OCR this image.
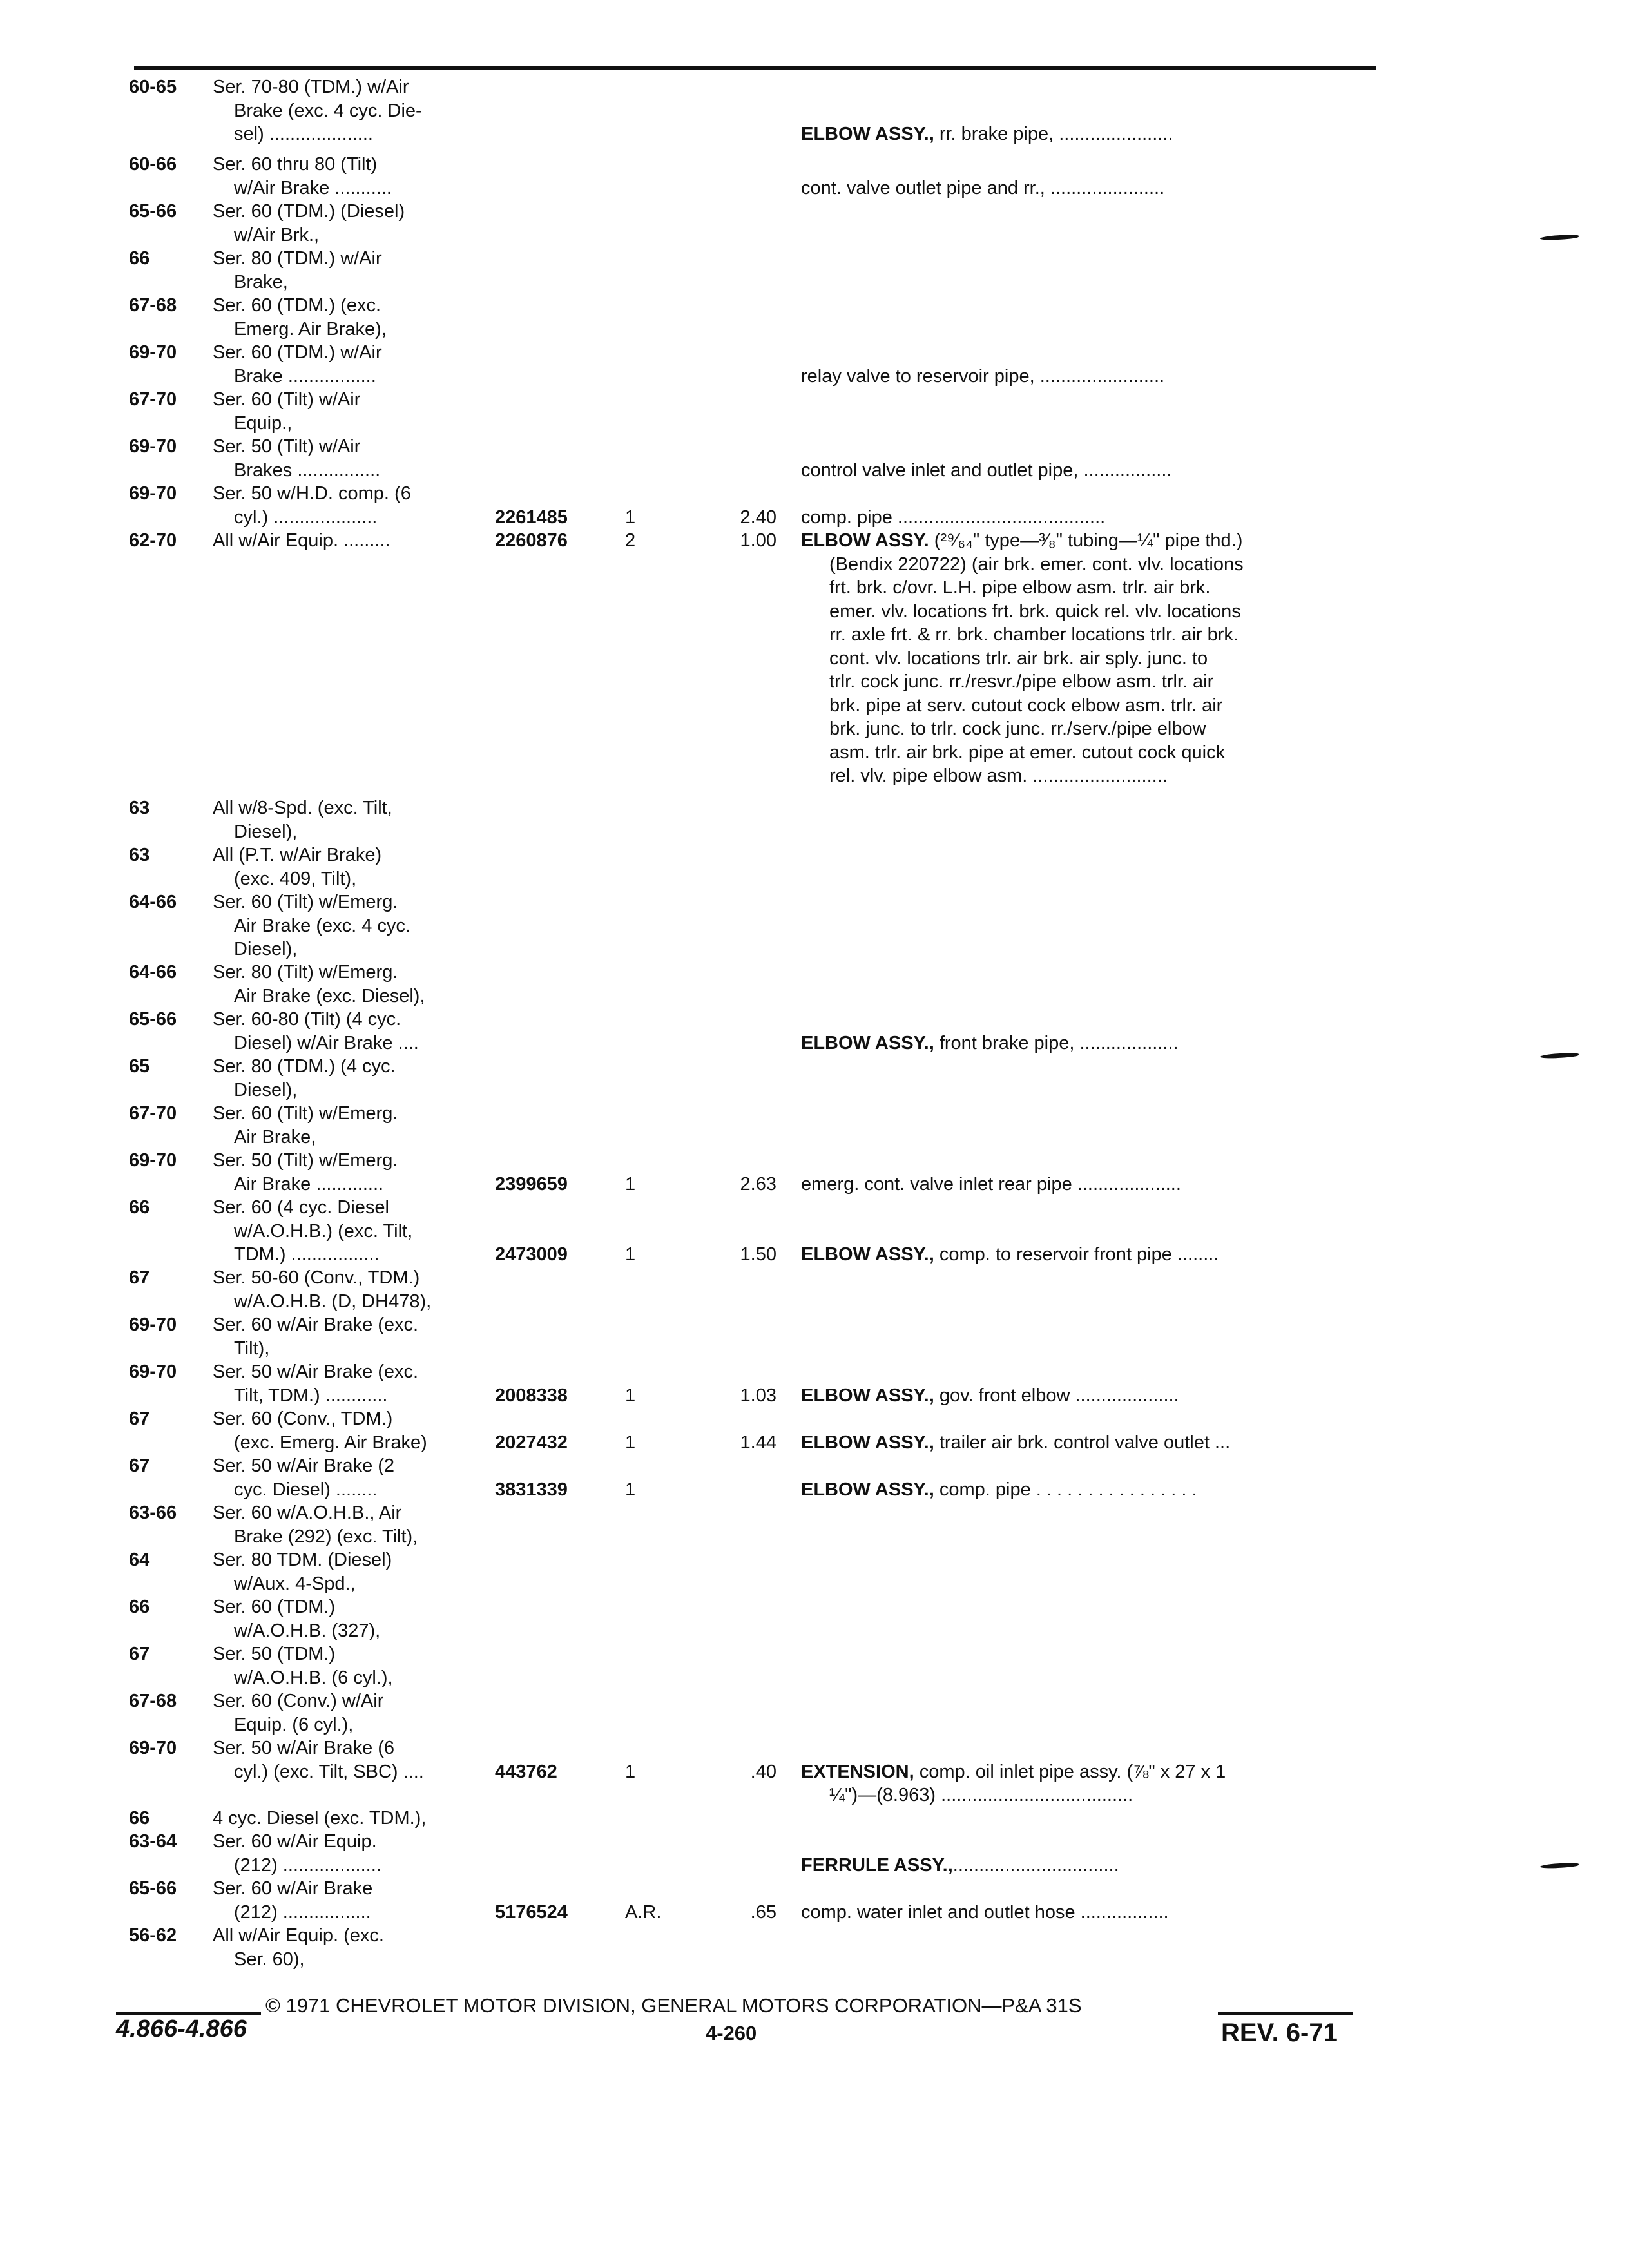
60-65	Ser. 70-80 (TDM.) w/Air
Brake (exc. 4 cyc. Die-
sel) ....................	ELBOW ASSY., rr. brake pipe, ......................
60-66	Ser. 60 thru 80 (Tilt)
w/Air Brake ...........	cont. valve outlet pipe and rr., ......................
65-66	Ser. 60 (TDM.) (Diesel)
w/Air Brk.,
66	Ser. 80 (TDM.) w/Air
Brake,
67-68	Ser. 60 (TDM.) (exc.
Emerg. Air Brake),
69-70	Ser. 60 (TDM.) w/Air
Brake .................	relay valve to reservoir pipe, ........................
67-70	Ser. 60 (Tilt) w/Air
Equip.,
69-70	Ser. 50 (Tilt) w/Air
Brakes ................	control valve inlet and outlet pipe, .................
69-70	Ser. 50 w/H.D. comp. (6
cyl.) ....................	2261485	1	2.40 comp. pipe ........................................
62-70	All w/Air Equip. .........	2260876	2	1.00 ELBOW ASSY. (²⁹⁄₆₄" type—³⁄₈" tubing—¼" pipe thd.)
(Bendix 220722) (air brk. emer. cont. vlv. locations
frt. brk. c/ovr. L.H. pipe elbow asm. trlr. air brk.
emer. vlv. locations frt. brk. quick rel. vlv. locations
rr. axle frt. & rr. brk. chamber locations trlr. air brk.
cont. vlv. locations trlr. air brk. air sply. junc. to
trlr. cock junc. rr./resvr./pipe elbow asm. trlr. air
brk. pipe at serv. cutout cock elbow asm. trlr. air
brk. junc. to trlr. cock junc. rr./serv./pipe elbow
asm. trlr. air brk. pipe at emer. cutout cock quick
rel. vlv. pipe elbow asm. ..........................
63	All w/8-Spd. (exc. Tilt,
Diesel),
63	All (P.T. w/Air Brake)
(exc. 409, Tilt),
64-66	Ser. 60 (Tilt) w/Emerg.
Air Brake (exc. 4 cyc.
Diesel),
64-66	Ser. 80 (Tilt) w/Emerg.
Air Brake (exc. Diesel),
65-66	Ser. 60-80 (Tilt) (4 cyc.
Diesel) w/Air Brake ....	ELBOW ASSY., front brake pipe, ...................
65	Ser. 80 (TDM.) (4 cyc.
Diesel),
67-70	Ser. 60 (Tilt) w/Emerg.
Air Brake,
69-70	Ser. 50 (Tilt) w/Emerg.
Air Brake .............	2399659	1	2.63 emerg. cont. valve inlet rear pipe ....................
66	Ser. 60 (4 cyc. Diesel
w/A.O.H.B.) (exc. Tilt,
TDM.) .................	2473009	1	1.50 ELBOW ASSY., comp. to reservoir front pipe ........
67	Ser. 50-60 (Conv., TDM.)
w/A.O.H.B. (D, DH478),
69-70	Ser. 60 w/Air Brake (exc.
Tilt),
69-70	Ser. 50 w/Air Brake (exc.
Tilt, TDM.) ............	2008338	1	1.03 ELBOW ASSY., gov. front elbow ....................
67	Ser. 60 (Conv., TDM.)
(exc. Emerg. Air Brake)	2027432	1	1.44 ELBOW ASSY., trailer air brk. control valve outlet ...
67	Ser. 50 w/Air Brake (2
cyc. Diesel) ........	3831339	1	ELBOW ASSY., comp. pipe . . . . . . . . . . . . . . . .
63-66	Ser. 60 w/A.O.H.B., Air
Brake (292) (exc. Tilt),
64	Ser. 80 TDM. (Diesel)
w/Aux. 4-Spd.,
66	Ser. 60 (TDM.)
w/A.O.H.B. (327),
67	Ser. 50 (TDM.)
w/A.O.H.B. (6 cyl.),
67-68	Ser. 60 (Conv.) w/Air
Equip. (6 cyl.),
69-70	Ser. 50 w/Air Brake (6
cyl.) (exc. Tilt, SBC) ....	443762	1	.40 EXTENSION, comp. oil inlet pipe assy. (⅞" x 27 x 1
¼")—(8.963) .....................................
66	4 cyc. Diesel (exc. TDM.),
63-64	Ser. 60 w/Air Equip.
(212) ...................	FERRULE ASSY.,................................
65-66	Ser. 60 w/Air Brake
(212) .................	5176524	A.R.	.65 comp. water inlet and outlet hose .................
56-62	All w/Air Equip. (exc.
Ser. 60),
© 1971 CHEVROLET MOTOR DIVISION, GENERAL MOTORS CORPORATION—P&A 31S
4.866-4.866	4-260	REV. 6-71
